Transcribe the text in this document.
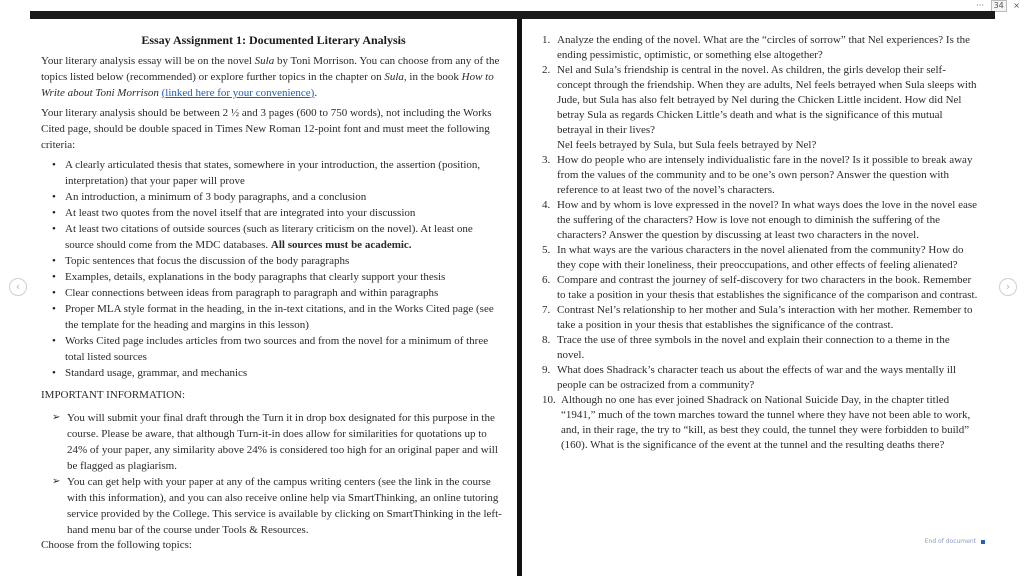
··· 34 ×
‹	›
Essay Assignment 1: Documented Literary Analysis
Your literary analysis essay will be on the novel Sula by Toni Morrison. You can choose from any of the topics listed below (recommended) or explore further topics in the chapter on Sula, in the book How to Write about Toni Morrison (linked here for your convenience).
Your literary analysis should be between 2 ½ and 3 pages (600 to 750 words), not including the Works Cited page, should be double spaced in Times New Roman 12-point font and must meet the following criteria:
• A clearly articulated thesis that states, somewhere in your introduction, the assertion (position, interpretation) that your paper will prove
• An introduction, a minimum of 3 body paragraphs, and a conclusion
• At least two quotes from the novel itself that are integrated into your discussion
• At least two citations of outside sources (such as literary criticism on the novel). At least one source should come from the MDC databases. All sources must be academic.
• Topic sentences that focus the discussion of the body paragraphs
• Examples, details, explanations in the body paragraphs that clearly support your thesis
• Clear connections between ideas from paragraph to paragraph and within paragraphs
• Proper MLA style format in the heading, in the in-text citations, and in the Works Cited page (see the template for the heading and margins in this lesson)
• Works Cited page includes articles from two sources and from the novel for a minimum of three total listed sources
• Standard usage, grammar, and mechanics
IMPORTANT INFORMATION:
➢ You will submit your final draft through the Turn it in drop box designated for this purpose in the course. Please be aware, that although Turn-it-in does allow for similarities for quotations up to 24% of your paper, any similarity above 24% is considered too high for an original paper and will be flagged as plagiarism.
➢ You can get help with your paper at any of the campus writing centers (see the link in the course with this information), and you can also receive online help via SmartThinking, an online tutoring service provided by the College. This service is available by clicking on SmartThinking in the left-hand menu bar of the course under Tools & Resources.
Choose from the following topics:
1. Analyze the ending of the novel. What are the “circles of sorrow” that Nel experiences? Is the ending pessimistic, optimistic, or something else altogether?
2. Nel and Sula’s friendship is central in the novel. As children, the girls develop their self-concept through the friendship. When they are adults, Nel feels betrayed when Sula sleeps with Jude, but Sula has also felt betrayed by Nel during the Chicken Little incident. How did Nel betray Sula as regards Chicken Little’s death and what is the significance of this mutual betrayal in their lives?
Nel feels betrayed by Sula, but Sula feels betrayed by Nel?
3. How do people who are intensely individualistic fare in the novel? Is it possible to break away from the values of the community and to be one’s own person? Answer the question with reference to at least two of the novel’s characters.
4. How and by whom is love expressed in the novel? In what ways does the love in the novel ease the suffering of the characters? How is love not enough to diminish the suffering of the characters? Answer the question by discussing at least two characters in the novel.
5. In what ways are the various characters in the novel alienated from the community? How do they cope with their loneliness, their preoccupations, and other effects of feeling alienated?
6. Compare and contrast the journey of self-discovery for two characters in the book. Remember to take a position in your thesis that establishes the significance of the comparison and contrast.
7. Contrast Nel’s relationship to her mother and Sula’s interaction with her mother. Remember to take a position in your thesis that establishes the significance of the contrast.
8. Trace the use of three symbols in the novel and explain their connection to a theme in the novel.
9. What does Shadrack’s character teach us about the effects of war and the ways mentally ill people can be ostracized from a community?
10. Although no one has ever joined Shadrack on National Suicide Day, in the chapter titled “1941,” much of the town marches toward the tunnel where they have not been able to work, and, in their rage, the try to “kill, as best they could, the tunnel they were forbidden to build” (160). What is the significance of the event at the tunnel and the resulting deaths there?
End of document
